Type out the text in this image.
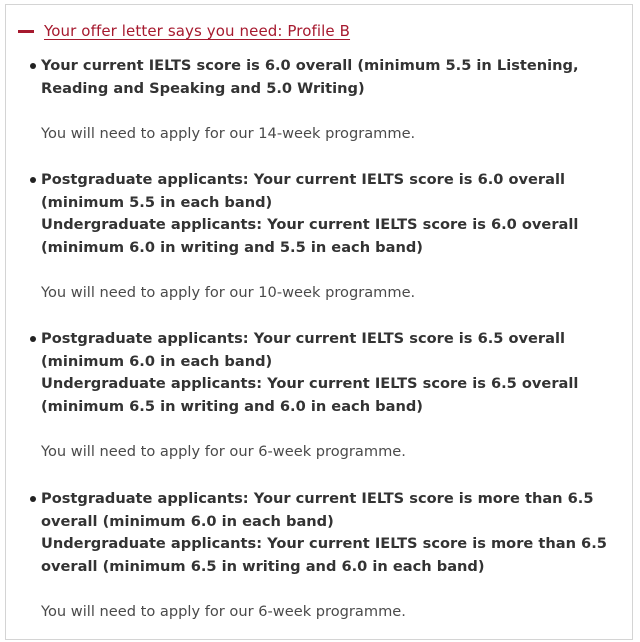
Your offer letter says you need: Profile B
Your current IELTS score is 6.0 overall (minimum 5.5 in Listening, Reading and Speaking and 5.0 Writing)
You will need to apply for our 14-week programme.
Postgraduate applicants: Your current IELTS score is 6.0 overall (minimum 5.5 in each band)
Undergraduate applicants: Your current IELTS score is 6.0 overall (minimum 6.0 in writing and 5.5 in each band)
You will need to apply for our 10-week programme.
Postgraduate applicants: Your current IELTS score is 6.5 overall (minimum 6.0 in each band)
Undergraduate applicants: Your current IELTS score is 6.5 overall (minimum 6.5 in writing and 6.0 in each band)
You will need to apply for our 6-week programme.
Postgraduate applicants: Your current IELTS score is more than 6.5 overall (minimum 6.0 in each band)
Undergraduate applicants: Your current IELTS score is more than 6.5 overall (minimum 6.5 in writing and 6.0 in each band)
You will need to apply for our 6-week programme.
